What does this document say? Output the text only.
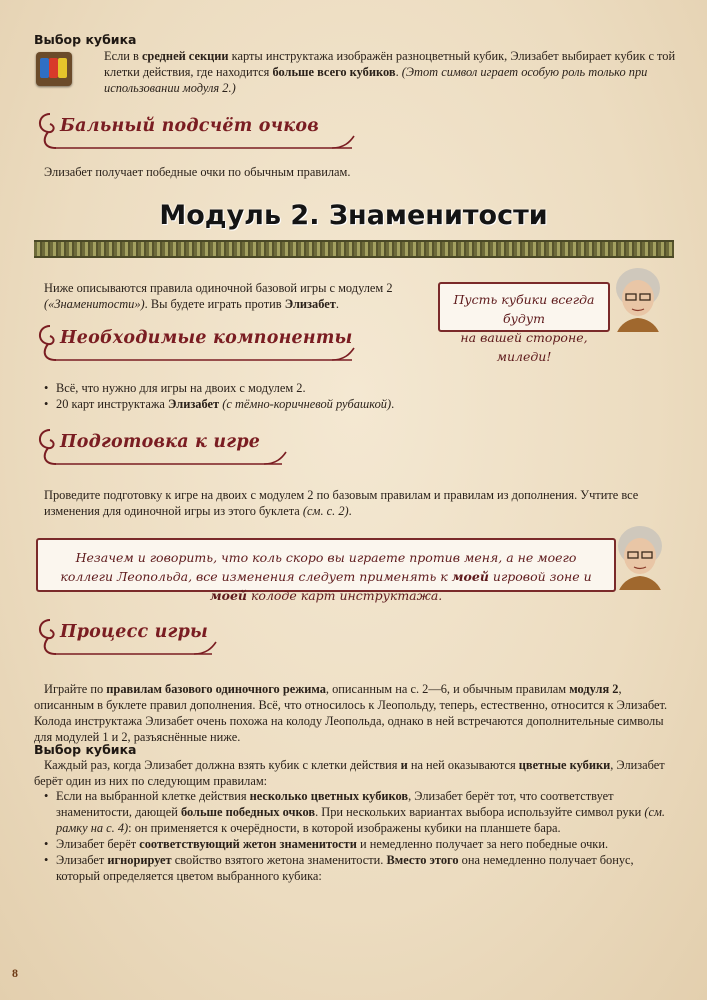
Выбор кубика

Если в средней секции карты инструктажа изображён разноцветный кубик, Элизабет выбирает кубик с той клетки действия, где находится больше всего кубиков. (Этот символ играет особую роль только при использовании модуля 2.)

Бальный подсчёт очков

Элизабет получает победные очки по обычным правилам.

Модуль 2. Знаменитости

Ниже описываются правила одиночной базовой игры с модулем 2 («Знаменитости»). Вы будете играть против Элизабет.	Пусть кубики всегда будут
на вашей стороне, миледи!
Необходимые компоненты
• Всё, что нужно для игры на двоих с модулем 2.
• 20 карт инструктажа Элизабет (с тёмно-коричневой рубашкой).
Подготовка к игре

Проведите подготовку к игре на двоих с модулем 2 по базовым правилам и правилам из дополнения. Учтите все изменения для одиночной игры из этого буклета (см. с. 2).

Незачем и говорить, что коль скоро вы играете против меня, а не моего коллеги Леопольда, все изменения следует применять к моей игровой зоне и моей колоде карт инструктажа.
Процесс игры

Играйте по правилам базового одиночного режима, описанным на с. 2—6, и обычным правилам модуля 2, описанным в буклете правил дополнения. Всё, что относилось к Леопольду, теперь, естественно, относится к Элизабет. Колода инструктажа Элизабет очень похожа на колоду Леопольда, однако в ней встречаются дополнительные символы для модулей 1 и 2, разъяснённые ниже.

Выбор кубика

Каждый раз, когда Элизабет должна взять кубик с клетки действия и на ней оказываются цветные кубики, Элизабет берёт один из них по следующим правилам:

• Если на выбранной клетке действия несколько цветных кубиков, Элизабет берёт тот, что соответствует знаменитости, дающей больше победных очков. При нескольких вариантах выбора используйте символ руки (см. рамку на с. 4): он применяется к очерёдности, в которой изображены кубики на планшете бара.
• Элизабет берёт соответствующий жетон знаменитости и немедленно получает за него победные очки.
• Элизабет игнорирует свойство взятого жетона знаменитости. Вместо этого она немедленно получает бонус, который определяется цветом выбранного кубика:
8
